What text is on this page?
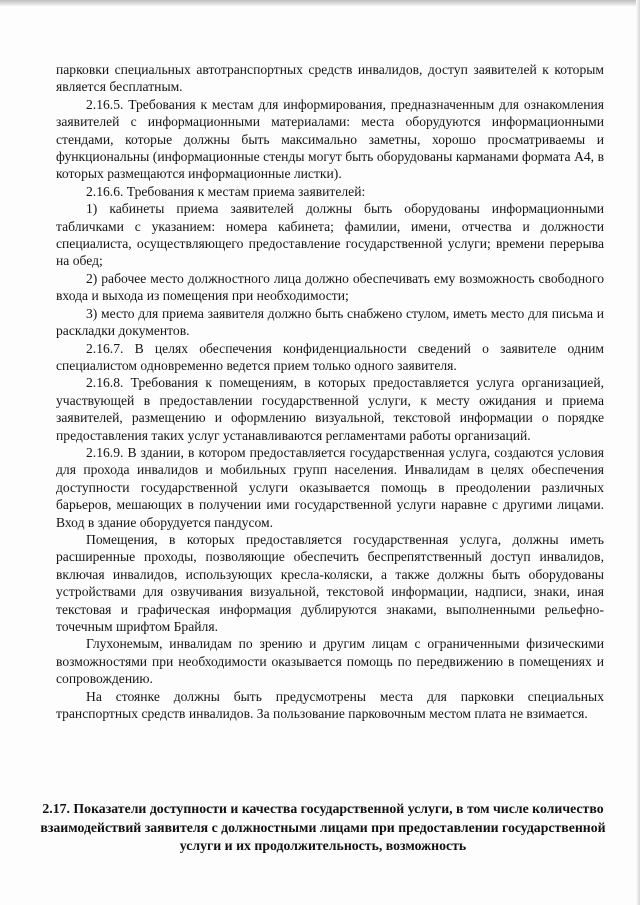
парковки специальных автотранспортных средств инвалидов, доступ заявителей к которым является бесплатным.

2.16.5. Требования к местам для информирования, предназначенным для ознакомления заявителей с информационными материалами: места оборудуются информационными стендами, которые должны быть максимально заметны, хорошо просматриваемы и функциональны (информационные стенды могут быть оборудованы карманами формата А4, в которых размещаются информационные листки).

2.16.6. Требования к местам приема заявителей:

1) кабинеты приема заявителей должны быть оборудованы информационными табличками с указанием: номера кабинета; фамилии, имени, отчества и должности специалиста, осуществляющего предоставление государственной услуги; времени перерыва на обед;

2) рабочее место должностного лица должно обеспечивать ему возможность свободного входа и выхода из помещения при необходимости;

3) место для приема заявителя должно быть снабжено стулом, иметь место для письма и раскладки документов.

2.16.7. В целях обеспечения конфиденциальности сведений о заявителе одним специалистом одновременно ведется прием только одного заявителя.

2.16.8. Требования к помещениям, в которых предоставляется услуга организацией, участвующей в предоставлении государственной услуги, к месту ожидания и приема заявителей, размещению и оформлению визуальной, текстовой информации о порядке предоставления таких услуг устанавливаются регламентами работы организаций.

2.16.9. В здании, в котором предоставляется государственная услуга, создаются условия для прохода инвалидов и мобильных групп населения. Инвалидам в целях обеспечения доступности государственной услуги оказывается помощь в преодолении различных барьеров, мешающих в получении ими государственной услуги наравне с другими лицами. Вход в здание оборудуется пандусом.

Помещения, в которых предоставляется государственная услуга, должны иметь расширенные проходы, позволяющие обеспечить беспрепятственный доступ инвалидов, включая инвалидов, использующих кресла-коляски, а также должны быть оборудованы устройствами для озвучивания визуальной, текстовой информации, надписи, знаки, иная текстовая и графическая информация дублируются знаками, выполненными рельефно-точечным шрифтом Брайля.

Глухонемым, инвалидам по зрению и другим лицам с ограниченными физическими возможностями при необходимости оказывается помощь по передвижению в помещениях и сопровождению.

На стоянке должны быть предусмотрены места для парковки специальных транспортных средств инвалидов. За пользование парковочным местом плата не взимается.

2.17. Показатели доступности и качества государственной услуги, в том числе количество взаимодействий заявителя с должностными лицами при предоставлении государственной услуги и их продолжительность, возможность
